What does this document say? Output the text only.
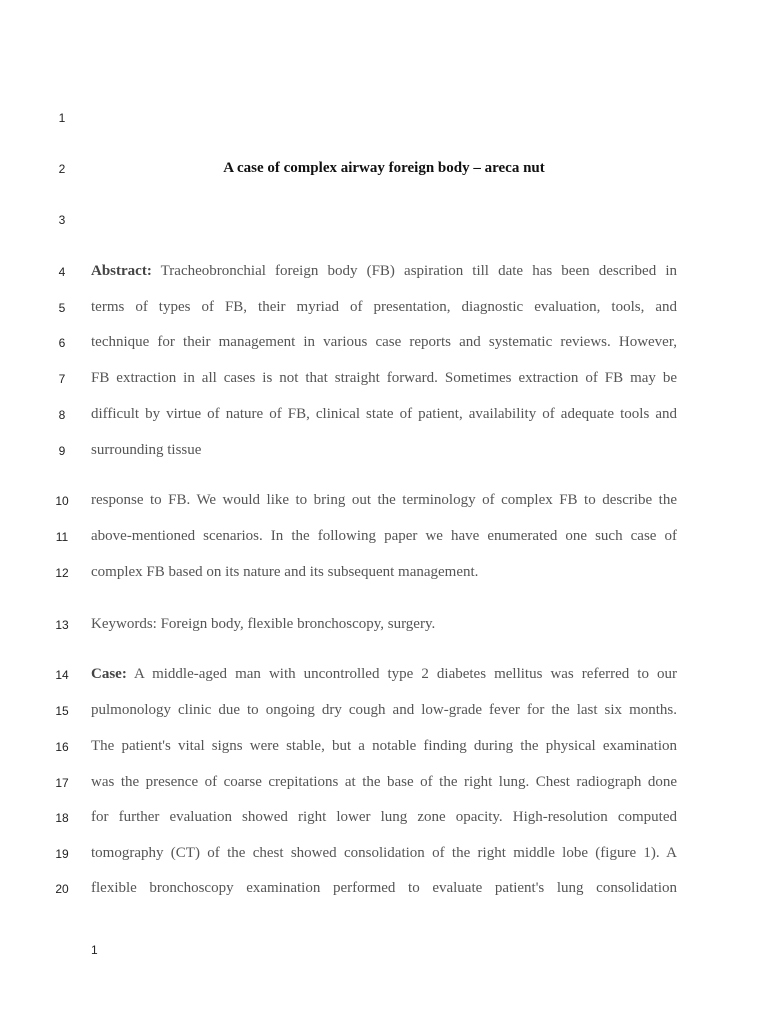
1
2
3
4
5
6
7
8
9
10
11
12
13
14
15
16
17
18
19
20
A case of complex airway foreign body – areca nut
Abstract: Tracheobronchial foreign body (FB) aspiration till date has been described in
terms of types of FB, their myriad of presentation, diagnostic evaluation, tools, and
technique for their management in various case reports and systematic reviews. However,
FB extraction in all cases is not that straight forward. Sometimes extraction of FB may be
difficult by virtue of nature of FB, clinical state of patient, availability of adequate tools and
surrounding tissue
response to FB. We would like to bring out the terminology of complex FB to describe the
above-mentioned scenarios. In the following paper we have enumerated one such case of
complex FB based on its nature and its subsequent management.
Keywords: Foreign body, flexible bronchoscopy, surgery.
Case: A middle-aged man with uncontrolled type 2 diabetes mellitus was referred to our
pulmonology clinic due to ongoing dry cough and low-grade fever for the last six months.
The patient's vital signs were stable, but a notable finding during the physical examination
was the presence of coarse crepitations at the base of the right lung. Chest radiograph done
for further evaluation showed right lower lung zone opacity. High-resolution computed
tomography (CT) of the chest showed consolidation of the right middle lobe (figure 1). A
flexible bronchoscopy examination performed to evaluate patient's lung consolidation
1
